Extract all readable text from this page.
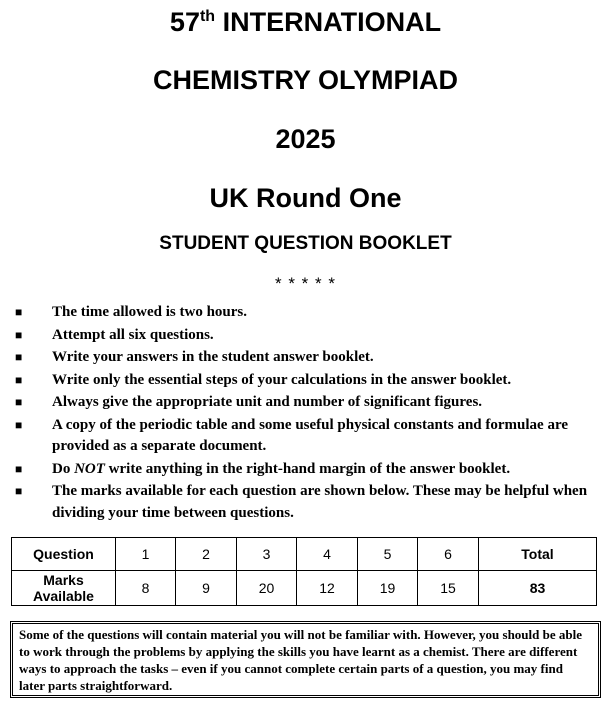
57th INTERNATIONAL
CHEMISTRY OLYMPIAD
2025
UK Round One
STUDENT QUESTION BOOKLET
* * * * *
■	The time allowed is two hours.
■	Attempt all six questions.
■	Write your answers in the student answer booklet.
■	Write only the essential steps of your calculations in the answer booklet.
■	Always give the appropriate unit and number of significant figures.
■	A copy of the periodic table and some useful physical constants and formulae are provided as a separate document.
■	Do NOT write anything in the right-hand margin of the answer booklet.
■	The marks available for each question are shown below. These may be helpful when dividing your time between questions.
Question	1	2	3	4	5	6	Total
Marks Available	8	9	20	12	19	15	83
Some of the questions will contain material you will not be familiar with. However, you should be able to work through the problems by applying the skills you have learnt as a chemist. There are different ways to approach the tasks – even if you cannot complete certain parts of a question, you may find later parts straightforward.
